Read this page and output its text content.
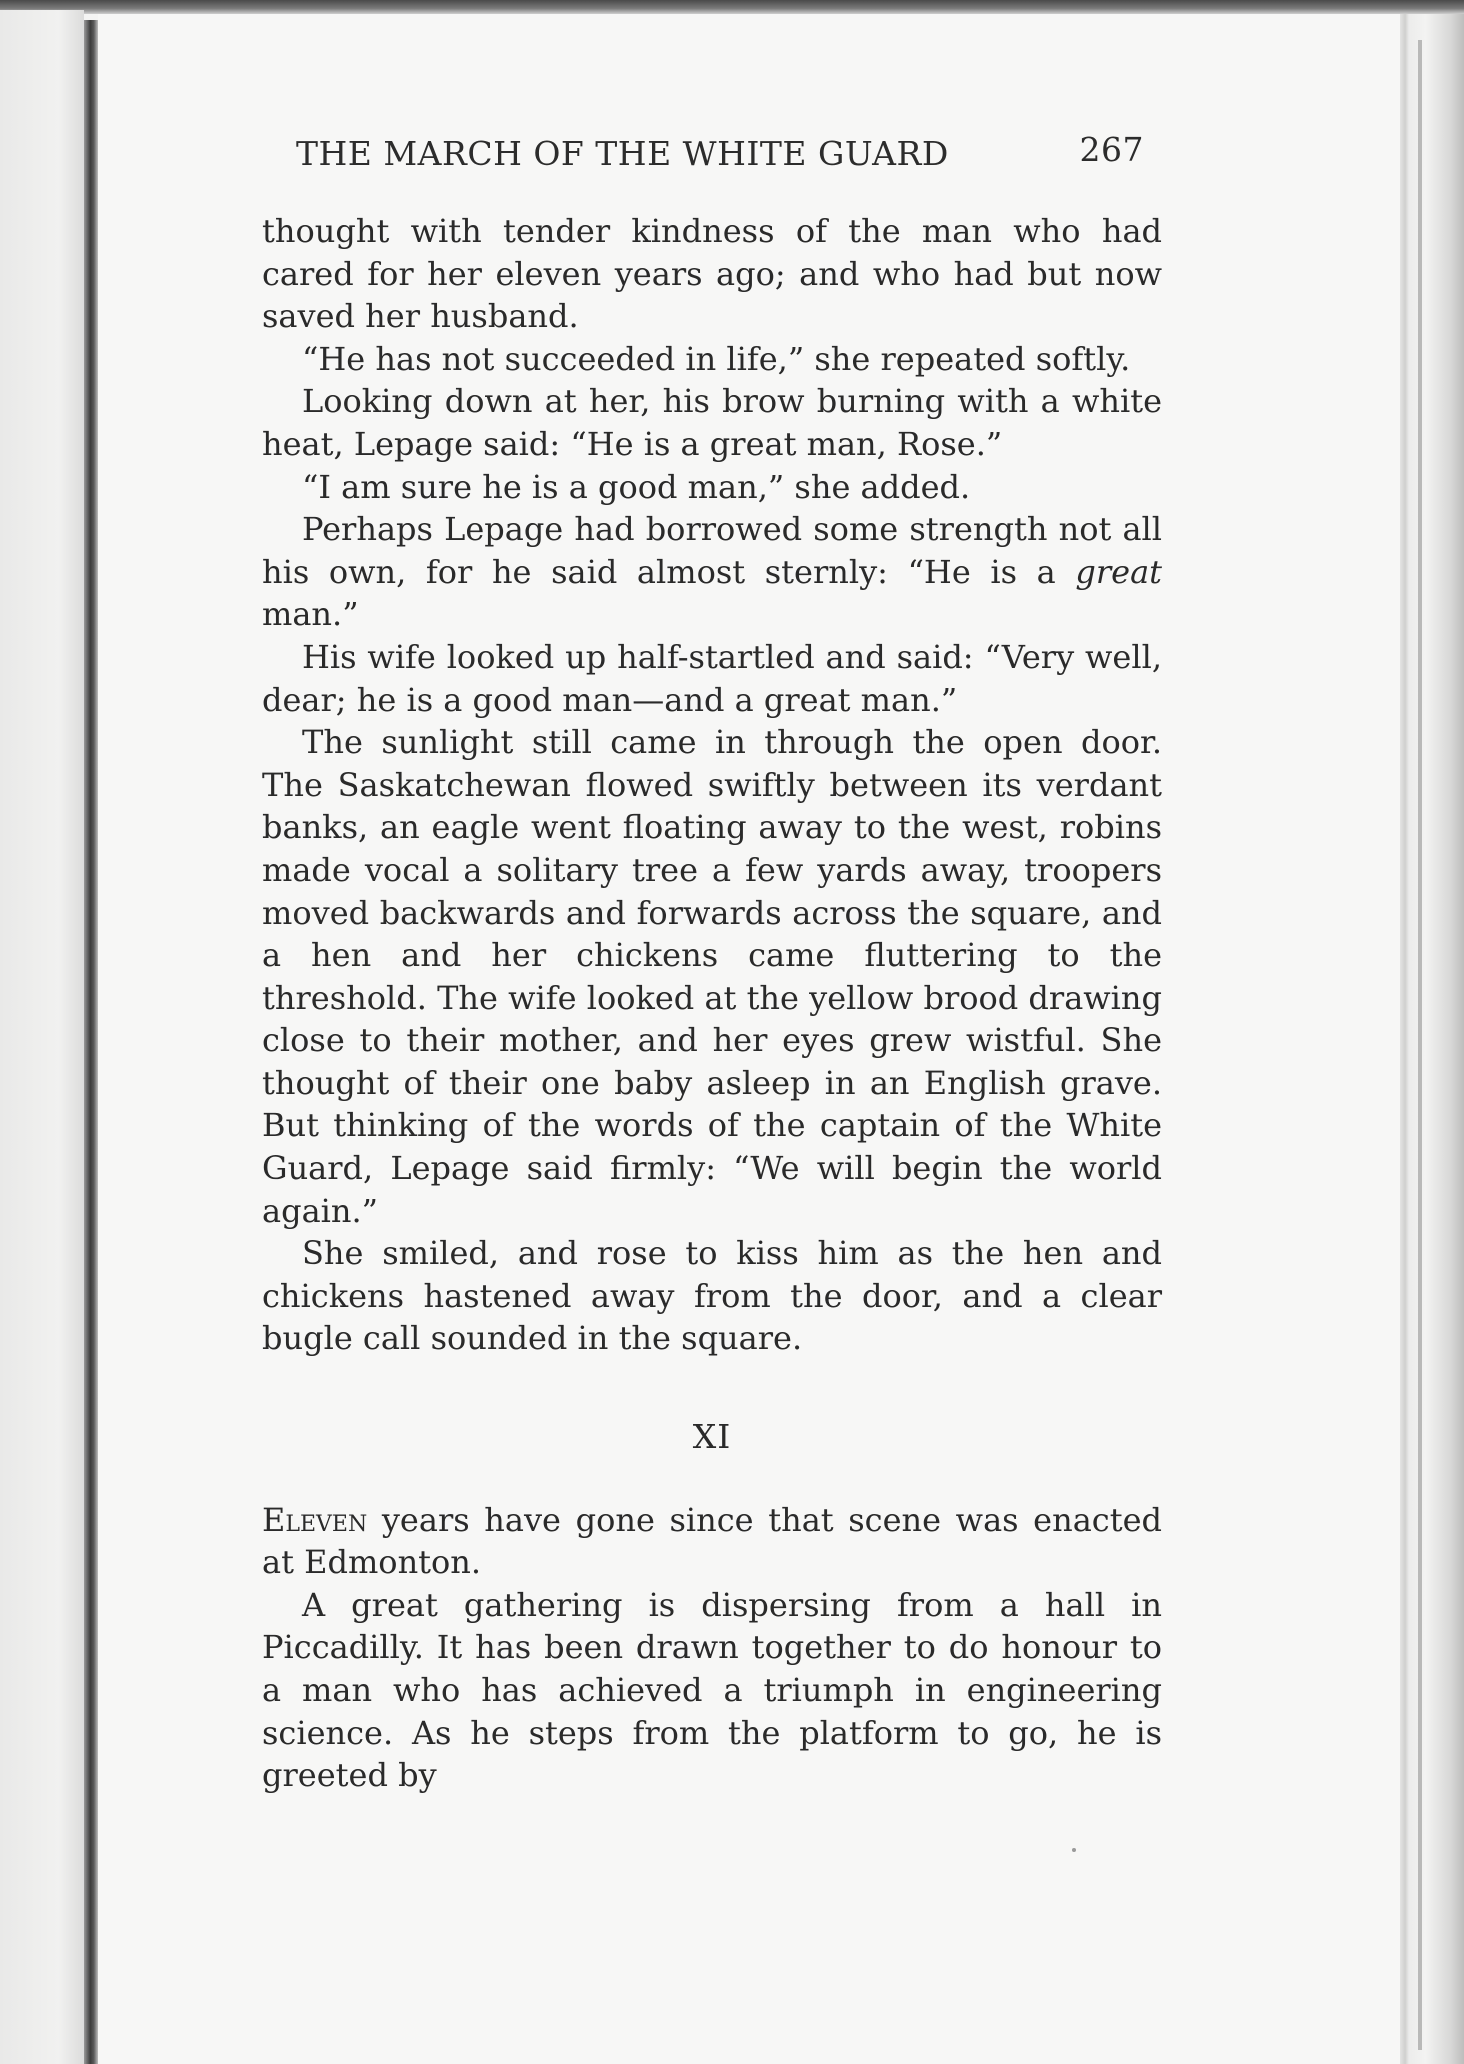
THE MARCH OF THE WHITE GUARD	267

thought with tender kindness of the man who had cared for her eleven years ago; and who had but now saved her husband.

“He has not succeeded in life,” she repeated softly.

Looking down at her, his brow burning with a white heat, Lepage said: “He is a great man, Rose.”

“I am sure he is a good man,” she added.

Perhaps Lepage had borrowed some strength not all his own, for he said almost sternly: “He is a great man.”

His wife looked up half-startled and said: “Very well, dear; he is a good man—and a great man.”

The sunlight still came in through the open door. The Saskatchewan flowed swiftly between its verdant banks, an eagle went floating away to the west, robins made vocal a solitary tree a few yards away, troopers moved backwards and forwards across the square, and a hen and her chickens came fluttering to the threshold. The wife looked at the yellow brood drawing close to their mother, and her eyes grew wistful. She thought of their one baby asleep in an English grave. But thinking of the words of the captain of the White Guard, Lepage said firmly: “We will begin the world again.”

She smiled, and rose to kiss him as the hen and chickens hastened away from the door, and a clear bugle call sounded in the square.

XI

Eleven years have gone since that scene was enacted at Edmonton.

A great gathering is dispersing from a hall in Piccadilly. It has been drawn together to do honour to a man who has achieved a triumph in engineering science. As he steps from the platform to go, he is greeted by
